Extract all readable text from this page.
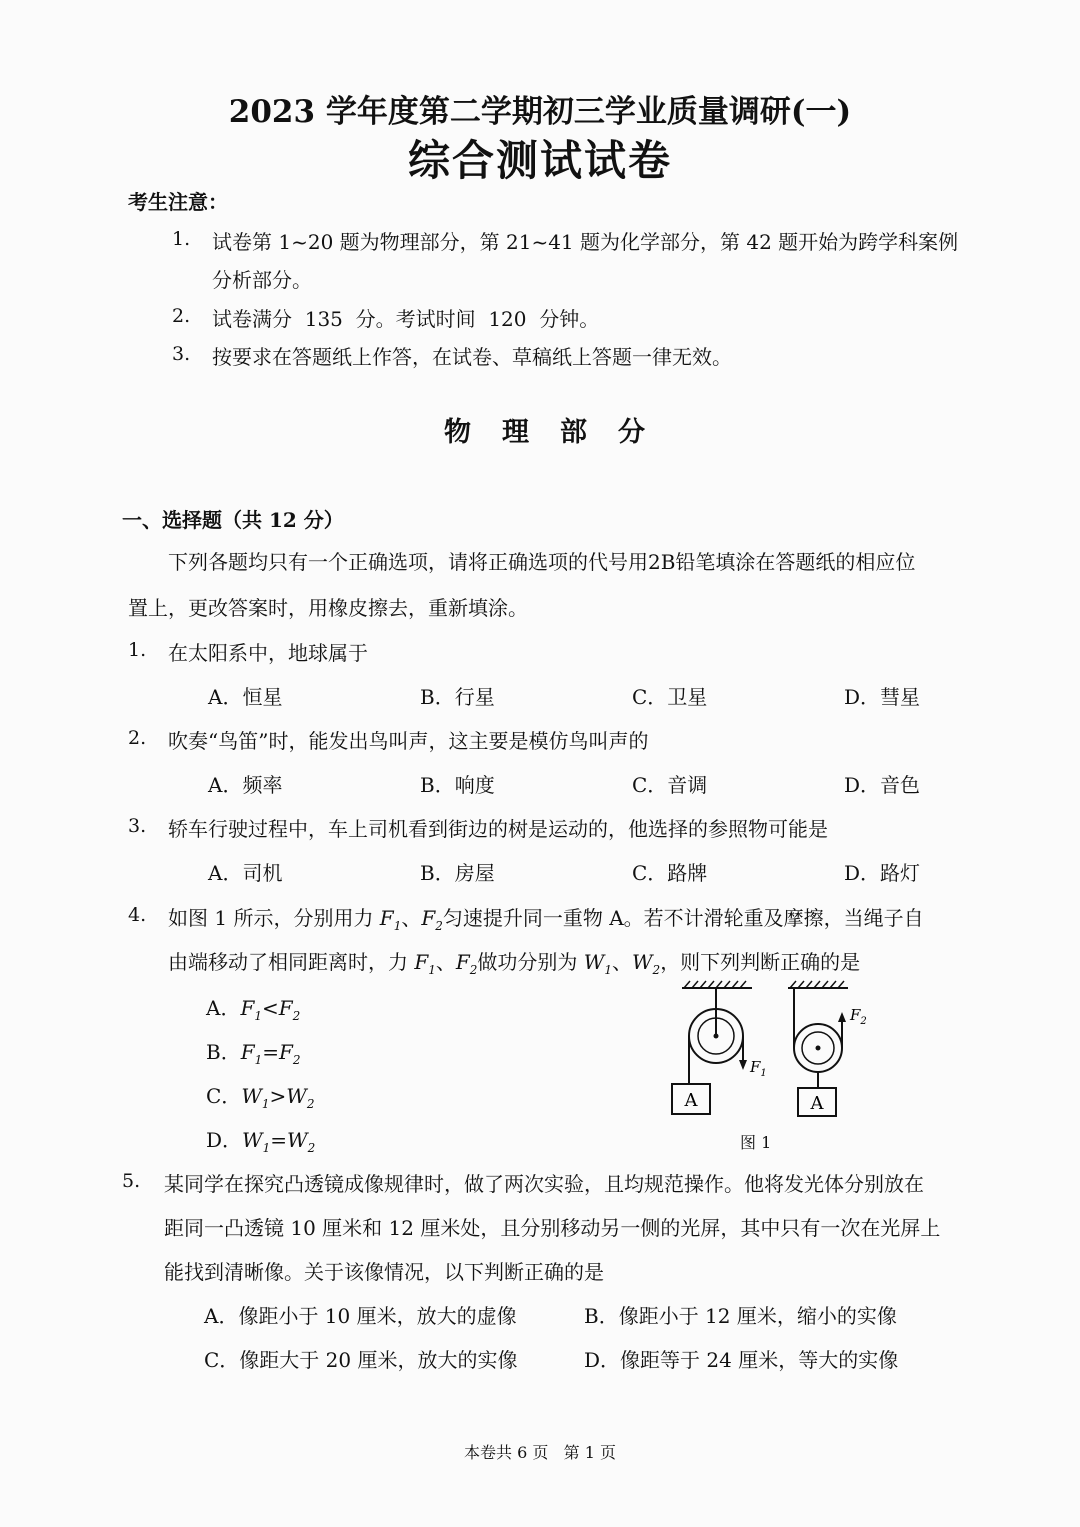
2023 学年度第二学期初三学业质量调研(一)
综合测试试卷
考生注意：
1. 试卷第 1~20 题为物理部分，第 21~41 题为化学部分，第 42 题开始为跨学科案例
分析部分。
2. 试卷满分  135  分。考试时间  120  分钟。
3. 按要求在答题纸上作答，在试卷、草稿纸上答题一律无效。
物 理 部 分
一、选择题（共 12 分）
下列各题均只有一个正确选项，请将正确选项的代号用2B铅笔填涂在答题纸的相应位
置上，更改答案时，用橡皮擦去，重新填涂。
1. 在太阳系中，地球属于
A．恒星	B．行星	C．卫星	D．彗星
2. 吹奏“鸟笛”时，能发出鸟叫声，这主要是模仿鸟叫声的
A．频率	B．响度	C．音调	D．音色
3. 轿车行驶过程中，车上司机看到街边的树是运动的，他选择的参照物可能是
A．司机	B．房屋	C．路牌	D．路灯
4. 如图 1 所示，分别用力 $F_1$、$F_2$匀速提升同一重物 A。若不计滑轮重及摩擦，当绳子自
由端移动了相同距离时，力 $F_1$、$F_2$做功分别为 $W_1$、$W_2$，则下列判断正确的是
A．$F_1<F_2$
B．$F_1=F_2$
C．$W_1>W_2$
D．$W_1=W_2$
A
$F_1$
A
$F_2$
图 1
5. 某同学在探究凸透镜成像规律时，做了两次实验，且均规范操作。他将发光体分别放在
距同一凸透镜 10 厘米和 12 厘米处，且分别移动另一侧的光屏，其中只有一次在光屏上
能找到清晰像。关于该像情况，以下判断正确的是
A．像距小于 10 厘米，放大的虚像	B．像距小于 12 厘米，缩小的实像
C．像距大于 20 厘米，放大的实像	D．像距等于 24 厘米，等大的实像
本卷共 6 页   第 1 页
